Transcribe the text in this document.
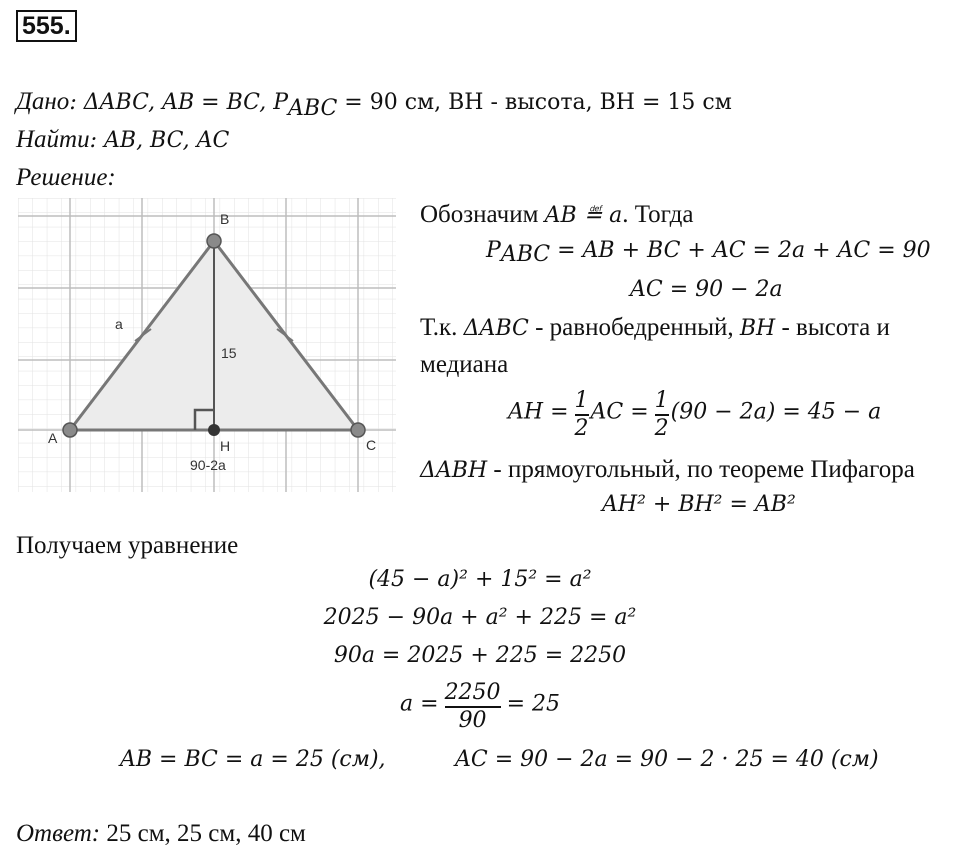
555.
Дано: ΔABC, AB = BC, $P_{ABC} = 90$ см, BH - высота, BH = 15 см
Найти: AB, BC, AC
Решение:
A
B
C
H
a
15
90-2a
Обозначим AB ≝ a. Тогда
$P_{ABC}$ = AB + BC + AC = 2a + AC = 90
AC = 90 − 2a
Т.к. ΔABC - равнобедренный, BH - высота и
медиана
AH = $\frac{1}{2}$ AC = $\frac{1}{2} (90 - 2a) = 45 - a$
ΔABH - прямоугольный, по теореме Пифагора
AH² + BH² = AB²
Получаем уравнение
(45 − a)² + 15² = a²
2025 − 90a + a² + 225 = a²
90a = 2025 + 225 = 2250
$a = \frac{2250}{90} = 25$
AB = BC = a = 25 (см),	AC = 90 − 2a = 90 − 2 · 25 = 40 (см)
Ответ: 25 см, 25 см, 40 см
